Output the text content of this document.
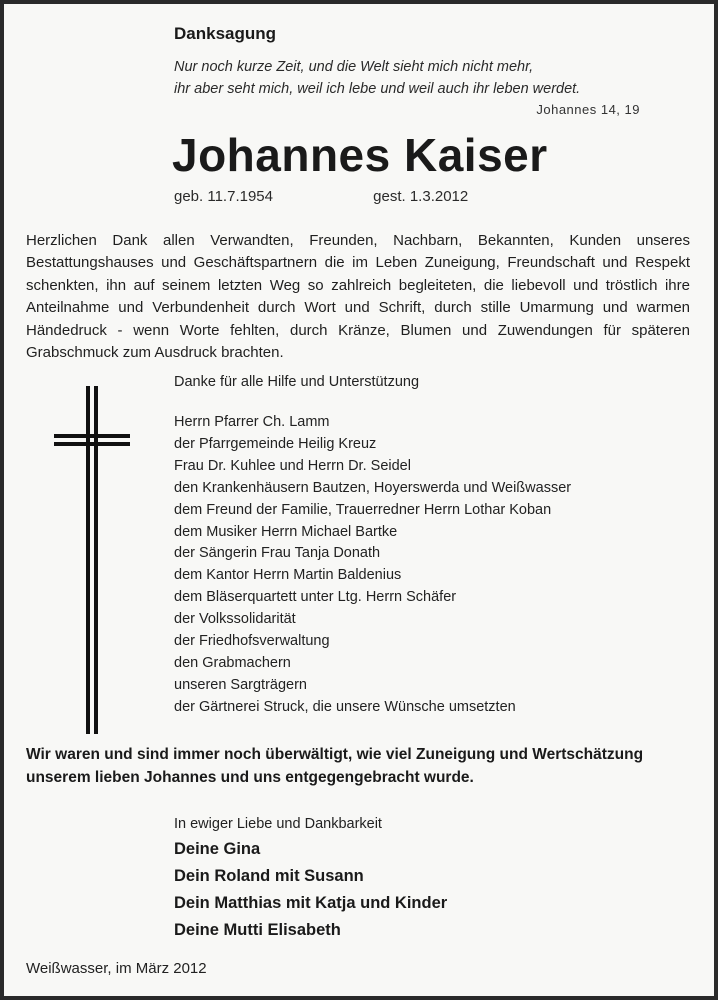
Danksagung
Nur noch kurze Zeit, und die Welt sieht mich nicht mehr,
ihr aber seht mich, weil ich lebe und weil auch ihr leben werdet.
Johannes 14, 19
Johannes Kaiser
geb. 11.7.1954	gest. 1.3.2012

Herzlichen Dank allen Verwandten, Freunden, Nachbarn, Bekannten, Kunden unseres Bestattungshauses und Geschäftspartnern die im Leben Zuneigung, Freundschaft und Respekt schenkten, ihn auf seinem letzten Weg so zahlreich begleiteten, die liebevoll und tröstlich ihre Anteilnahme und Verbundenheit durch Wort und Schrift, durch stille Umarmung und warmen Händedruck - wenn Worte fehlten, durch Kränze, Blumen und Zuwendungen für späteren Grabschmuck zum Ausdruck brachten.

Danke für alle Hilfe und Unterstützung
Herrn Pfarrer Ch. Lamm
der Pfarrgemeinde Heilig Kreuz
Frau Dr. Kuhlee und Herrn Dr. Seidel
den Krankenhäusern Bautzen, Hoyerswerda und Weißwasser
dem Freund der Familie, Trauerredner Herrn Lothar Koban
dem Musiker Herrn Michael Bartke
der Sängerin Frau Tanja Donath
dem Kantor Herrn Martin Baldenius
dem Bläserquartett unter Ltg. Herrn Schäfer
der Volkssolidarität
der Friedhofsverwaltung
den Grabmachern
unseren Sargträgern
der Gärtnerei Struck, die unsere Wünsche umsetzten

Wir waren und sind immer noch überwältigt, wie viel Zuneigung und Wertschätzung unserem lieben Johannes und uns entgegengebracht wurde.

In ewiger Liebe und Dankbarkeit
Deine Gina
Dein Roland mit Susann
Dein Matthias mit Katja und Kinder
Deine Mutti Elisabeth
Weißwasser, im März 2012
